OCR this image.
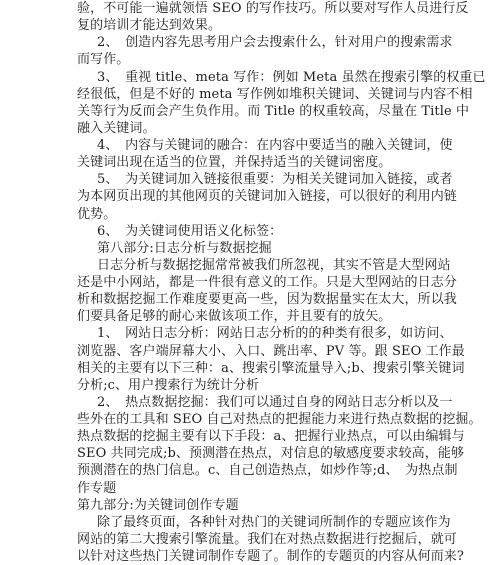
验，不可能一遍就领悟 SEO 的写作技巧。所以要对写作人员进行反
复的培训才能达到效果。
2、　创造内容先思考用户会去搜索什么，针对用户的搜索需求
而写作。
3、　重视 title、meta 写作：例如 Meta 虽然在搜索引擎的权重已
经很低，但是不好的 meta 写作例如堆积关键词、关键词与内容不相
关等行为反而会产生负作用。而 Title 的权重较高，尽量在 Title 中
融入关键词。
4、　内容与关键词的融合：在内容中要适当的融入关键词，使
关键词出现在适当的位置，并保持适当的关键词密度。
5、　为关键词加入链接很重要：为相关关键词加入链接，或者
为本网页出现的其他网页的关键词加入链接，可以很好的利用内链
优势。
6、　为关键词使用语义化标签：
第八部分:日志分析与数据挖掘
日志分析与数据挖掘常常被我们所忽视，其实不管是大型网站
还是中小网站，都是一件很有意义的工作。只是大型网站的日志分
析和数据挖掘工作难度要更高一些，因为数据量实在太大，所以我
们要具备足够的耐心来做该项工作，并且要有的放矢。
1、　网站日志分析：网站日志分析的的种类有很多，如访问、
浏览器、客户端屏幕大小、入口、跳出率、PV 等。跟 SEO 工作最
相关的主要有以下三种：a、搜索引擎流量导入;b、搜索引擎关键词
分析;c、用户搜索行为统计分析
2、　热点数据挖掘：我们可以通过自身的网站日志分析以及一
些外在的工具和 SEO 自己对热点的把握能力来进行热点数据的挖掘。
热点数据的挖掘主要有以下手段：a、把握行业热点，可以由编辑与
SEO 共同完成;b、预测潜在热点，对信息的敏感度要求较高，能够
预测潜在的热门信息。c、自己创造热点，如炒作等;d、　为热点制
作专题
第九部分:为关键词创作专题
除了最终页面，各种针对热门的关键词所制作的专题应该作为
网站的第二大搜索引擎流量。我们在对热点数据进行挖掘后，就可
以针对这些热门关键词制作专题了。制作的专题页的内容从何而来?
